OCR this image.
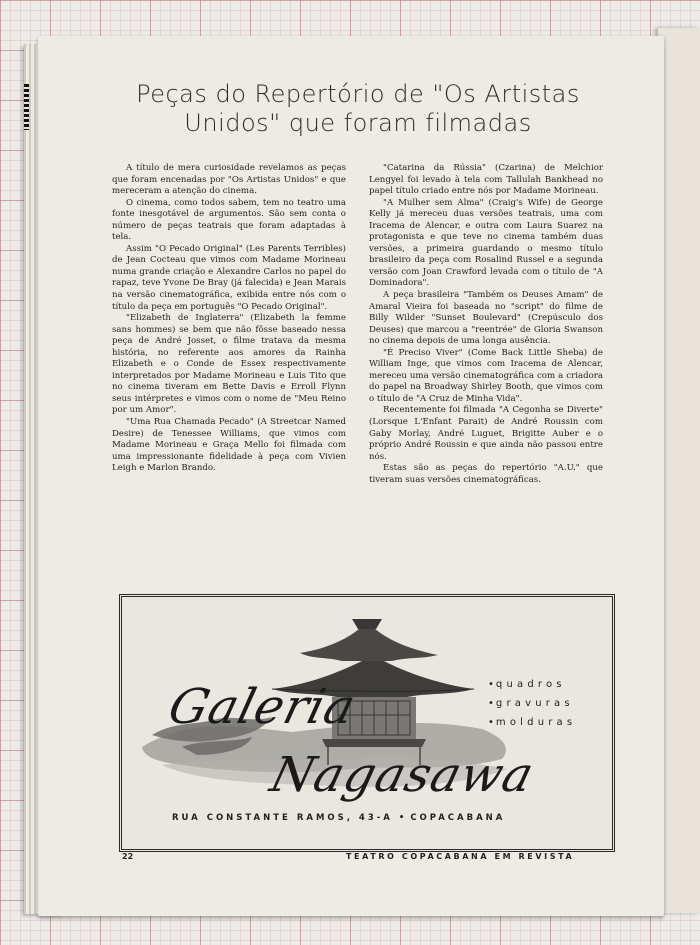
Peças do Repertório de "Os Artistas
Unidos" que foram filmadas

A título de mera curiosidade revelamos as peças que foram encenadas por "Os Artistas Unidos" e que mereceram a atenção do cinema.

O cinema, como todos sabem, tem no teatro uma fonte inesgotável de argumentos. São sem conta o número de peças teatrais que foram adaptadas à tela.

Assim "O Pecado Original" (Les Parents Terribles) de Jean Cocteau que vimos com Madame Morineau numa grande criação e Alexandre Carlos no papel do rapaz, teve Yvone De Bray (já falecida) e Jean Marais na versão cinematográfica, exibida entre nós com o título da peça em português "O Pecado Original".

"Elizabeth de Inglaterra" (Elizabeth la femme sans hommes) se bem que não fôsse baseado nessa peça de André Josset, o filme tratava da mesma história, no referente aos amores da Rainha Elizabeth e o Conde de Essex respectivamente interpretados por Madame Morineau e Luis Tito que no cinema tiveram em Bette Davis e Erroll Flynn seus intérpretes e vimos com o nome de "Meu Reino por um Amor".

"Uma Rua Chamada Pecado" (A Streetcar Named Desire) de Tenessee Williams, que vimos com Madame Morineau e Graça Mello foi filmada com uma impressionante fidelidade à peça com Vivien Leigh e Marlon Brando.

"Catarina da Rússia" (Czarina) de Melchior Lengyel foi levado à tela com Tallulah Bankhead no papel título criado entre nós por Madame Morineau.

"A Mulher sem Alma" (Craig's Wife) de George Kelly já mereceu duas versões teatrais, uma com Iracema de Alencar, e outra com Laura Suarez na protagonista e que teve no cinema também duas versões, a primeira guardando o mesmo título brasileiro da peça com Rosalind Russel e a segunda versão com Joan Crawford levada com o título de "A Dominadora".

A peça brasileira "Também os Deuses Amam" de Amaral Vieira foi baseada no "script" do filme de Billy Wilder "Sunset Boulevard" (Crepúsculo dos Deuses) que marcou a "reentrée" de Gloria Swanson no cinema depois de uma longa ausência.

"É Preciso Viver" (Come Back Little Sheba) de William Inge, que vimos com Iracema de Alencar, mereceu uma versão cinematográfica com a criadora do papel na Broadway Shirley Booth, que vimos com o título de "A Cruz de Minha Vida".

Recentemente foi filmada "A Cegonha se Diverte" (Lorsque L'Enfant Parait) de André Roussin com Gaby Morlay, André Luguet, Brigitte Auber e o próprio André Roussin e que ainda não passou entre nós.

Estas são as peças do repertório "A.U." que tiveram suas versões cinematográficas.

Galeria
Nagasawa
• quadros
• gravuras
• molduras
RUA CONSTANTE RAMOS, 43-A • COPACABANA
22	TEATRO COPACABANA EM REVISTA
